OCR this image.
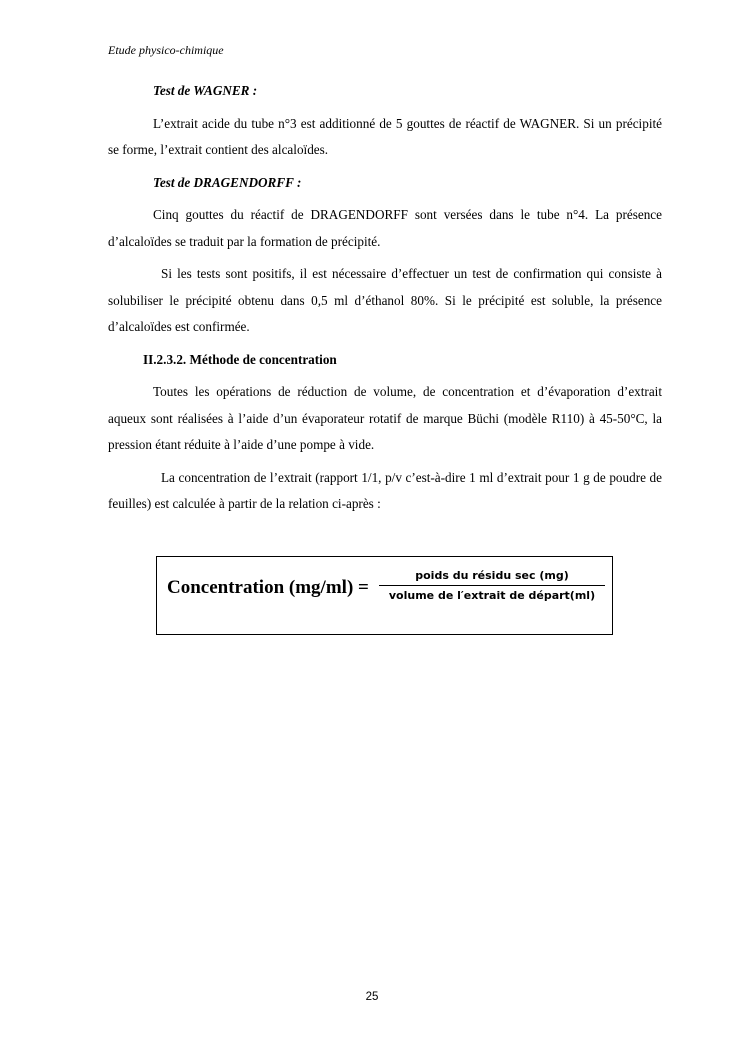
Etude physico-chimique

Test de WAGNER :

L’extrait acide du tube n°3 est additionné de 5 gouttes de réactif de WAGNER. Si un précipité se forme, l’extrait contient des alcaloïdes.

Test de DRAGENDORFF :

Cinq gouttes du réactif de DRAGENDORFF sont versées dans le tube n°4. La présence d’alcaloïdes se traduit par la formation de précipité.

Si les tests sont positifs, il est nécessaire d’effectuer un test de confirmation qui consiste à solubiliser le précipité obtenu dans 0,5 ml d’éthanol 80%. Si le précipité est soluble, la présence d’alcaloïdes est confirmée.

II.2.3.2. Méthode de concentration

Toutes les opérations de réduction de volume, de concentration et d’évaporation d’extrait aqueux sont réalisées à l’aide d’un évaporateur rotatif de marque Büchi (modèle R110) à 45-50°C, la pression étant réduite à l’aide d’une pompe à vide.

La concentration de l’extrait (rapport 1/1, p/v c’est-à-dire 1 ml d’extrait pour 1 g de poudre de feuilles) est calculée à partir de la relation ci-après :

Concentration (mg/ml) =
poids du résidu sec (mg)
volume de l′extrait de départ(ml)
25
